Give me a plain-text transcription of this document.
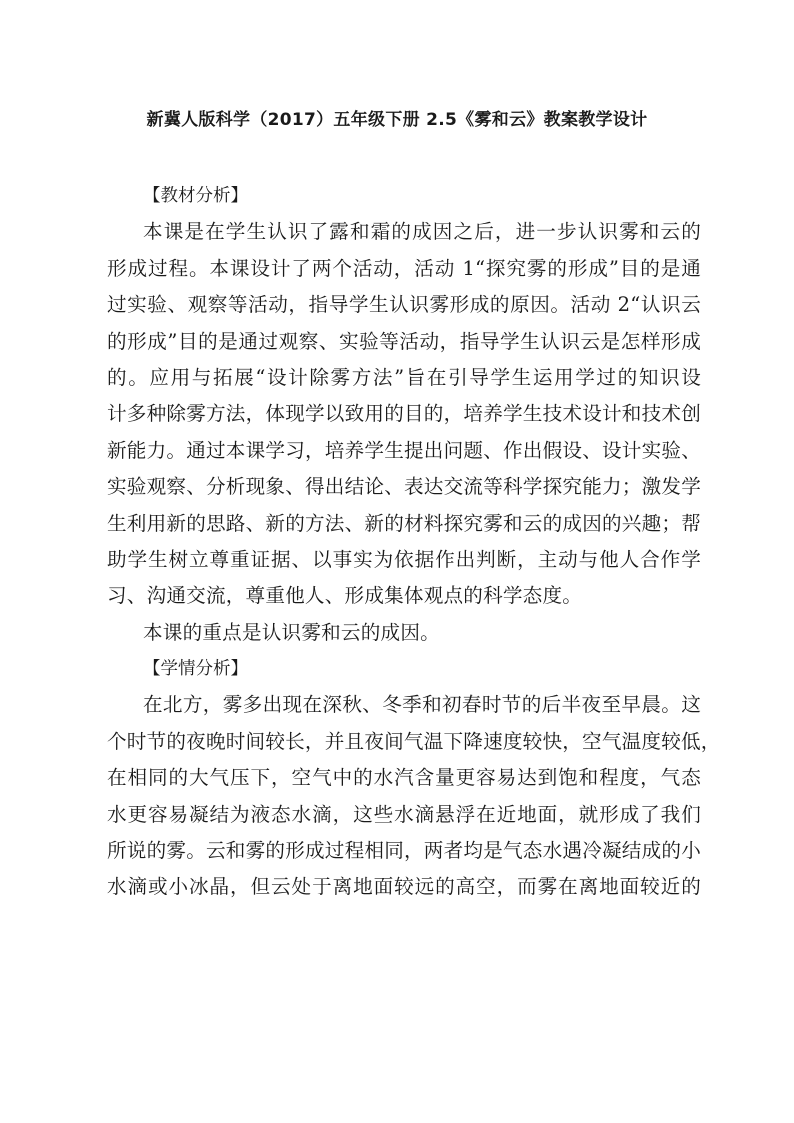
新冀人版科学（2017）五年级下册 2.5《雾和云》教案教学设计
【教材分析】
本课是在学生认识了露和霜的成因之后，进一步认识雾和云的
形成过程。本课设计了两个活动，活动 1“探究雾的形成”目的是通
过实验、观察等活动，指导学生认识雾形成的原因。活动 2“认识云
的形成”目的是通过观察、实验等活动，指导学生认识云是怎样形成
的。应用与拓展“设计除雾方法”旨在引导学生运用学过的知识设
计多种除雾方法，体现学以致用的目的，培养学生技术设计和技术创
新能力。通过本课学习，培养学生提出问题、作出假设、设计实验、
实验观察、分析现象、得出结论、表达交流等科学探究能力；激发学
生利用新的思路、新的方法、新的材料探究雾和云的成因的兴趣；帮
助学生树立尊重证据、以事实为依据作出判断，主动与他人合作学
习、沟通交流，尊重他人、形成集体观点的科学态度。
本课的重点是认识雾和云的成因。
【学情分析】
在北方，雾多出现在深秋、冬季和初春时节的后半夜至早晨。这
个时节的夜晚时间较长，并且夜间气温下降速度较快，空气温度较低，
在相同的大气压下，空气中的水汽含量更容易达到饱和程度，气态
水更容易凝结为液态水滴，这些水滴悬浮在近地面，就形成了我们
所说的雾。云和雾的形成过程相同，两者均是气态水遇冷凝结成的小
水滴或小冰晶，但云处于离地面较远的高空，而雾在离地面较近的
